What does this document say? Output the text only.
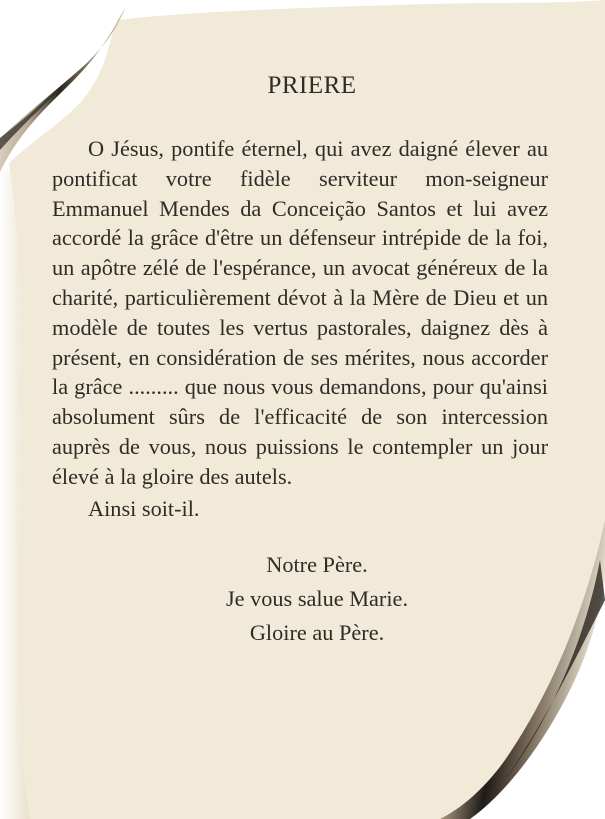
PRIERE

O Jésus, pontife éternel, qui avez daigné élever au pontificat votre fidèle serviteur mon-seigneur Emmanuel Mendes da Conceição Santos et lui avez accordé la grâce d'être un défenseur intrépide de la foi, un apôtre zélé de l'espérance, un avocat généreux de la charité, particulièrement dévot à la Mère de Dieu et un modèle de toutes les vertus pastorales, daignez dès à présent, en considération de ses mérites, nous accorder la grâce ......... que nous vous demandons, pour qu'ainsi absolument sûrs de l'efficacité de son intercession auprès de vous, nous puissions le contempler un jour élevé à la gloire des autels.

Ainsi soit-il.

Notre Père.
Je vous salue Marie.
Gloire au Père.
